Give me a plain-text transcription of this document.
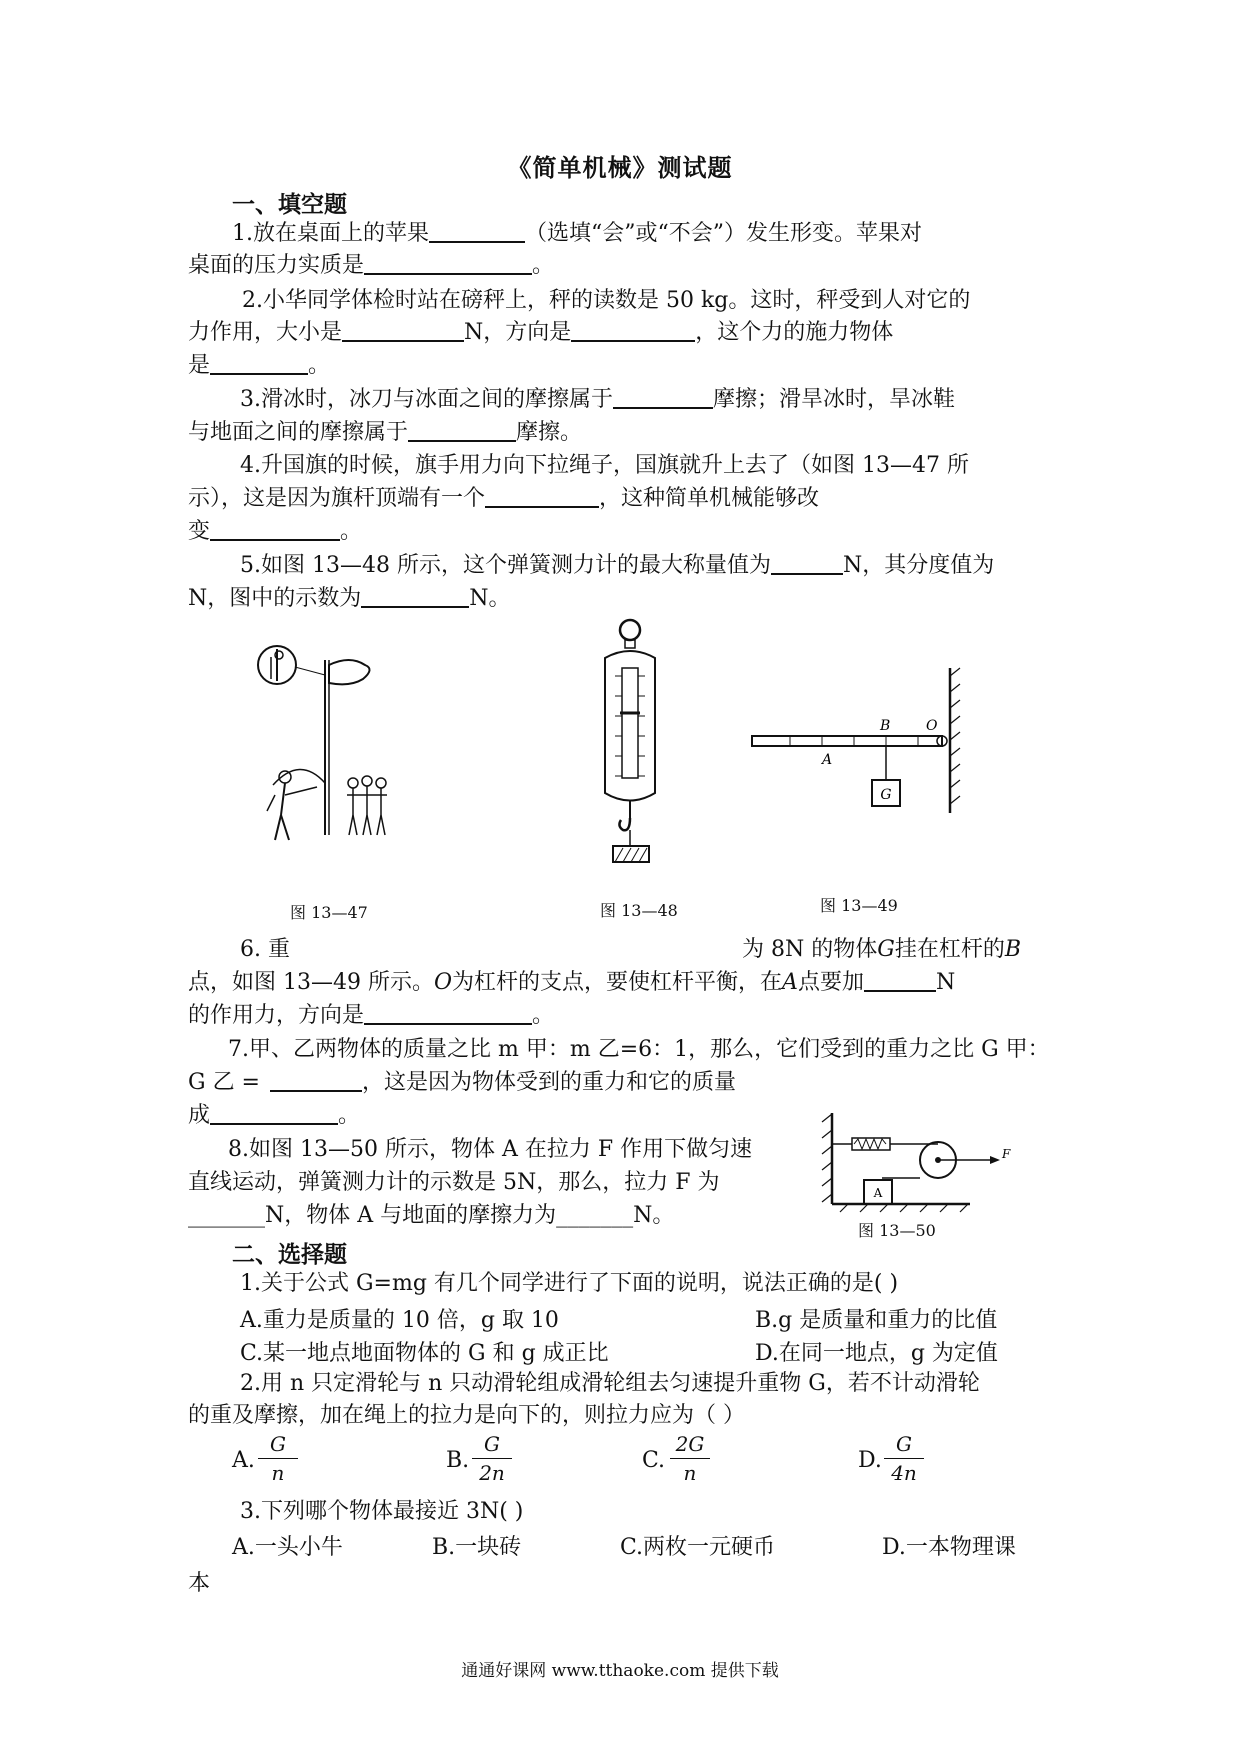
《简单机械》测试题
一、填空题
1.放在桌面上的苹果	（选填“会”或“不会”）发生形变。苹果对
桌面的压力实质是	。
2.小华同学体检时站在磅秤上，秤的读数是 50 kg。这时，秤受到人对它的
力作用，大小是	N，方向是	，这个力的施力物体
是	。
3.滑冰时，冰刀与冰面之间的摩擦属于	摩擦；滑旱冰时，旱冰鞋
与地面之间的摩擦属于	摩擦。
4.升国旗的时候，旗手用力向下拉绳子，国旗就升上去了（如图 13—47 所
示），这是因为旗杆顶端有一个	，这种简单机械能够改
变	。
5.如图 13—48 所示，这个弹簧测力计的最大称量值为	N，其分度值为
N，图中的示数为	N。
图 13—47	图 13—48
G
B	O
A
图 13—49
6. 重	为 8N 的物体G挂在杠杆的B
点，如图 13—49 所示。O为杠杆的支点，要使杠杆平衡，在A点要加	N
的作用力，方向是	。
7.甲、乙两物体的质量之比 m 甲：m 乙=6：1，那么，它们受到的重力之比 G 甲：
G 乙 =	，这是因为物体受到的重力和它的质量
成	。
8.如图 13—50 所示，物体 A 在拉力 F 作用下做匀速
直线运动，弹簧测力计的示数是 5N，那么，拉力 F 为
_______N，物体 A 与地面的摩擦力为_______N。
F
A
图 13—50
二、选择题
1.关于公式 G=mg 有几个同学进行了下面的说明，说法正确的是( )
A.重力是质量的 10 倍，g 取 10	B.g 是质量和重力的比值
C.某一地点地面物体的 G 和 g 成正比	D.在同一地点，g 为定值
2.用 n 只定滑轮与 n 只动滑轮组成滑轮组去匀速提升重物 G，若不计动滑轮
的重及摩擦，加在绳上的拉力是向下的，则拉力应为（ ）
A. $\frac{G}{n}$	B. $\frac{G}{2n}$	C. $\frac{2G}{n}$	D. $\frac{G}{4n}$
3.下列哪个物体最接近 3N( )
A.一头小牛	B.一块砖	C.两枚一元硬币	D.一本物理课
本
通通好课网 www.tthaoke.com 提供下载
